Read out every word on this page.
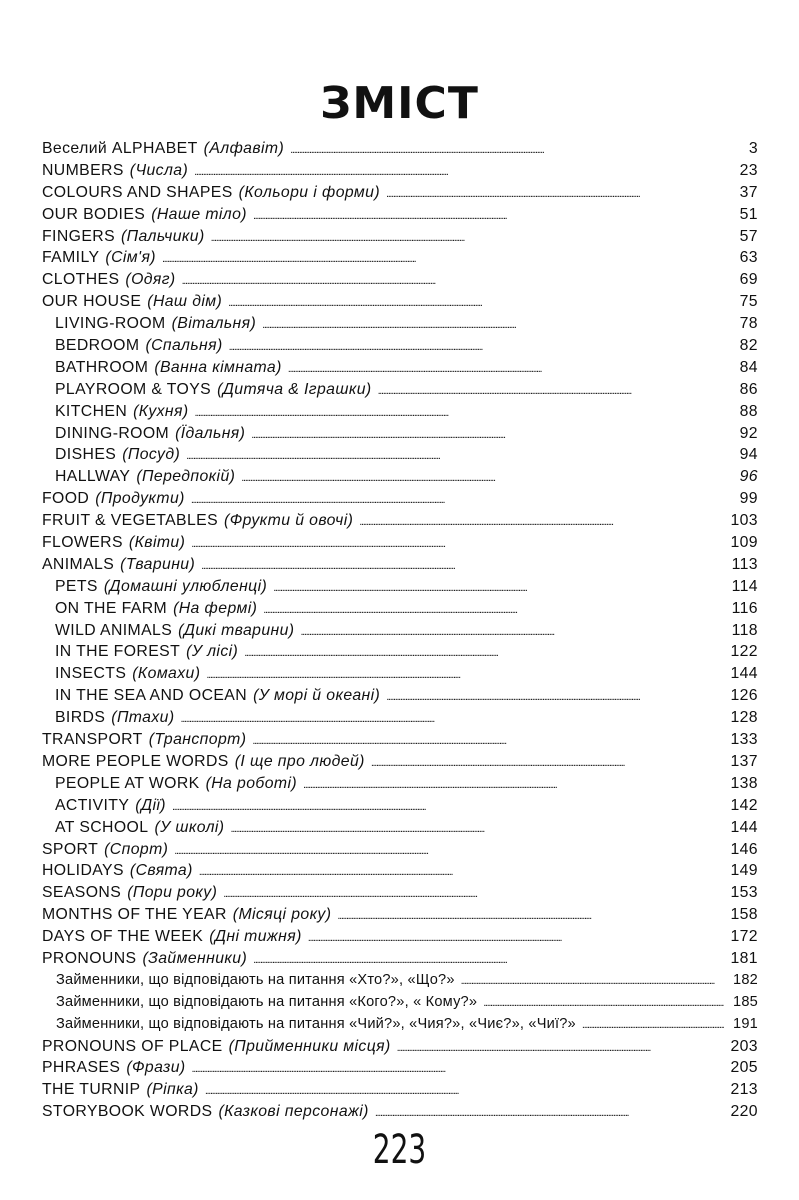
ЗМІСТ
Веселий ALPHABET (Алфавіт) . . .	3
NUMBERS (Числа) . . .	23
COLOURS AND SHAPES (Кольори і форми) . . .	37
OUR BODIES (Наше тіло) . . .	51
FINGERS (Пальчики) . . .	57
FAMILY (Сім'я) . . .	63
CLOTHES (Одяг) . . .	69
OUR HOUSE (Наш дім) . . .	75
LIVING-ROOM (Вітальня) . . .	78
BEDROOM (Спальня) . . .	82
BATHROOM (Ванна кімната) . . .	84
PLAYROOM & TOYS (Дитяча & Іграшки) . . .	86
KITCHEN (Кухня) . . .	88
DINING-ROOM (Їдальня) . . .	92
DISHES (Посуд) . . .	94
HALLWAY (Передпокій) . . .	96
FOOD (Продукти) . . .	99
FRUIT & VEGETABLES (Фрукти й овочі) . . .	103
FLOWERS (Квіти) . . .	109
ANIMALS (Тварини) . . .	113
PETS (Домашні улюбленці) . . .	114
ON THE FARM (На фермі) . . .	116
WILD ANIMALS (Дикі тварини) . . .	118
IN THE FOREST (У лісі) . . .	122
INSECTS (Комахи) . . .	144
IN THE SEA AND OCEAN (У морі й океані) . . .	126
BIRDS (Птахи) . . .	128
TRANSPORT (Транспорт) . . .	133
MORE PEOPLE WORDS (І ще про людей) . . .	137
PEOPLE AT WORK (На роботі) . . .	138
ACTIVITY (Дії) . . .	142
AT SCHOOL (У школі) . . .	144
SPORT (Спорт) . . .	146
HOLIDAYS (Свята) . . .	149
SEASONS (Пори року) . . .	153
MONTHS OF THE YEAR (Місяці року) . . .	158
DAYS OF THE WEEK (Дні тижня) . . .	172
PRONOUNS (Займенники) . . .	181
Займенники, що відповідають на питання «Хто?», «Що?» . . .	182
Займенники, що відповідають на питання «Кого?», « Кому?» . . .	185
Займенники, що відповідають на питання «Чий?», «Чия?», «Чиє?», «Чиї?» . . .	191
PRONOUNS OF PLACE (Прийменники місця) . . .	203
PHRASES (Фрази) . . .	205
THE TURNIP (Ріпка) . . .	213
STORYBOOK WORDS (Казкові персонажі) . . .	220
223
